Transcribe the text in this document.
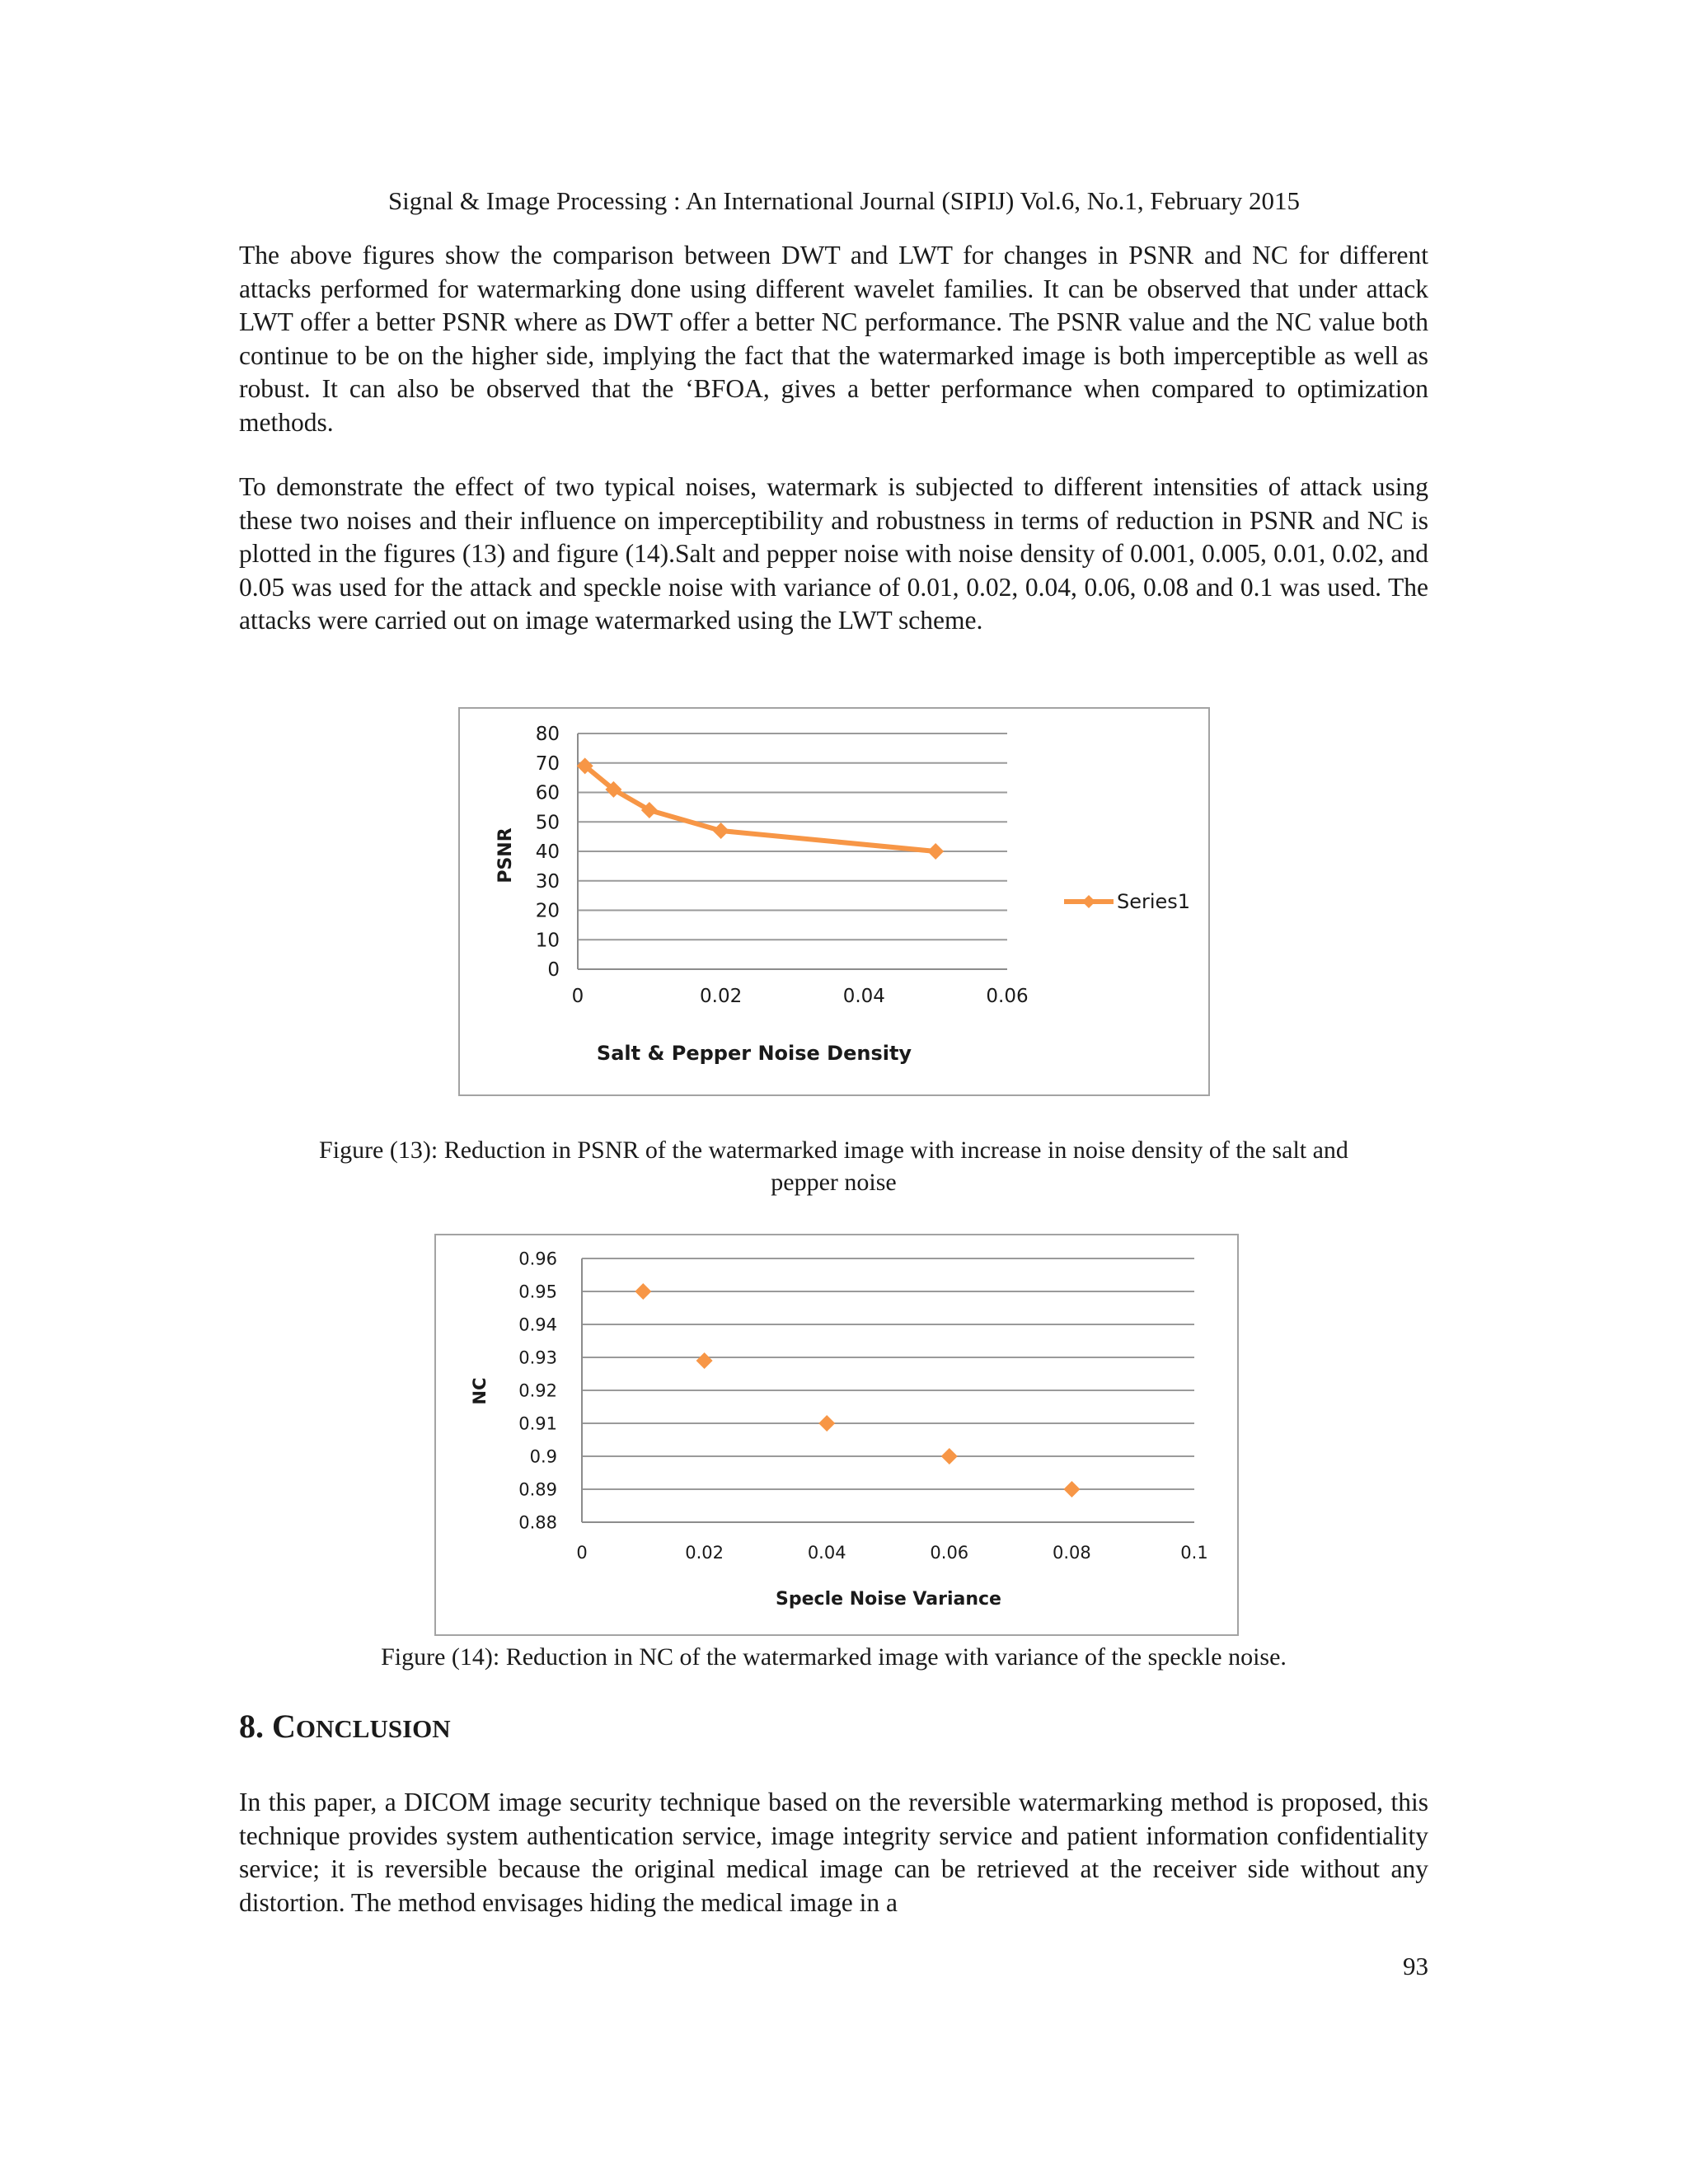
Signal & Image Processing : An International Journal (SIPIJ) Vol.6, No.1, February 2015

The above figures show the comparison between DWT and LWT for changes in PSNR and NC for different attacks performed for watermarking done using different wavelet families. It can be observed that under attack LWT offer a better PSNR where as DWT offer a better NC performance. The PSNR value and the NC value both continue to be on the higher side, implying the fact that the watermarked image is both imperceptible as well as robust. It can also be observed that the ‘BFOA, gives a better performance when compared to optimization methods.

To demonstrate the effect of two typical noises, watermark is subjected to different intensities of attack using these two noises and their influence on imperceptibility and robustness in terms of reduction in PSNR and NC is plotted in the figures (13) and figure (14).Salt and pepper noise with noise density of 0.001, 0.005, 0.01, 0.02, and 0.05 was used for the attack and speckle noise with variance of 0.01, 0.02, 0.04, 0.06, 0.08 and 0.1 was used. The attacks were carried out on image watermarked using the LWT scheme.

0
10
20
30
40
50
60
70
80
0	0.02	0.04	0.06
PSNR
Salt & Pepper Noise Density
Series1
Figure (13): Reduction in PSNR of the watermarked image with increase in noise density of the salt and
pepper noise
0.88
0.89
0.9
0.91
0.92
0.93
0.94
0.95
0.96
0	0.02	0.04	0.06	0.08	0.1
NC
Specle Noise Variance
Figure (14): Reduction in NC of the watermarked image with variance of the speckle noise.
8. CONCLUSION

In this paper, a DICOM image security technique based on the reversible watermarking method is proposed, this technique provides system authentication service, image integrity service and patient information confidentiality service; it is reversible because the original medical image can be retrieved at the receiver side without any distortion. The method envisages hiding the medical image in a

93
